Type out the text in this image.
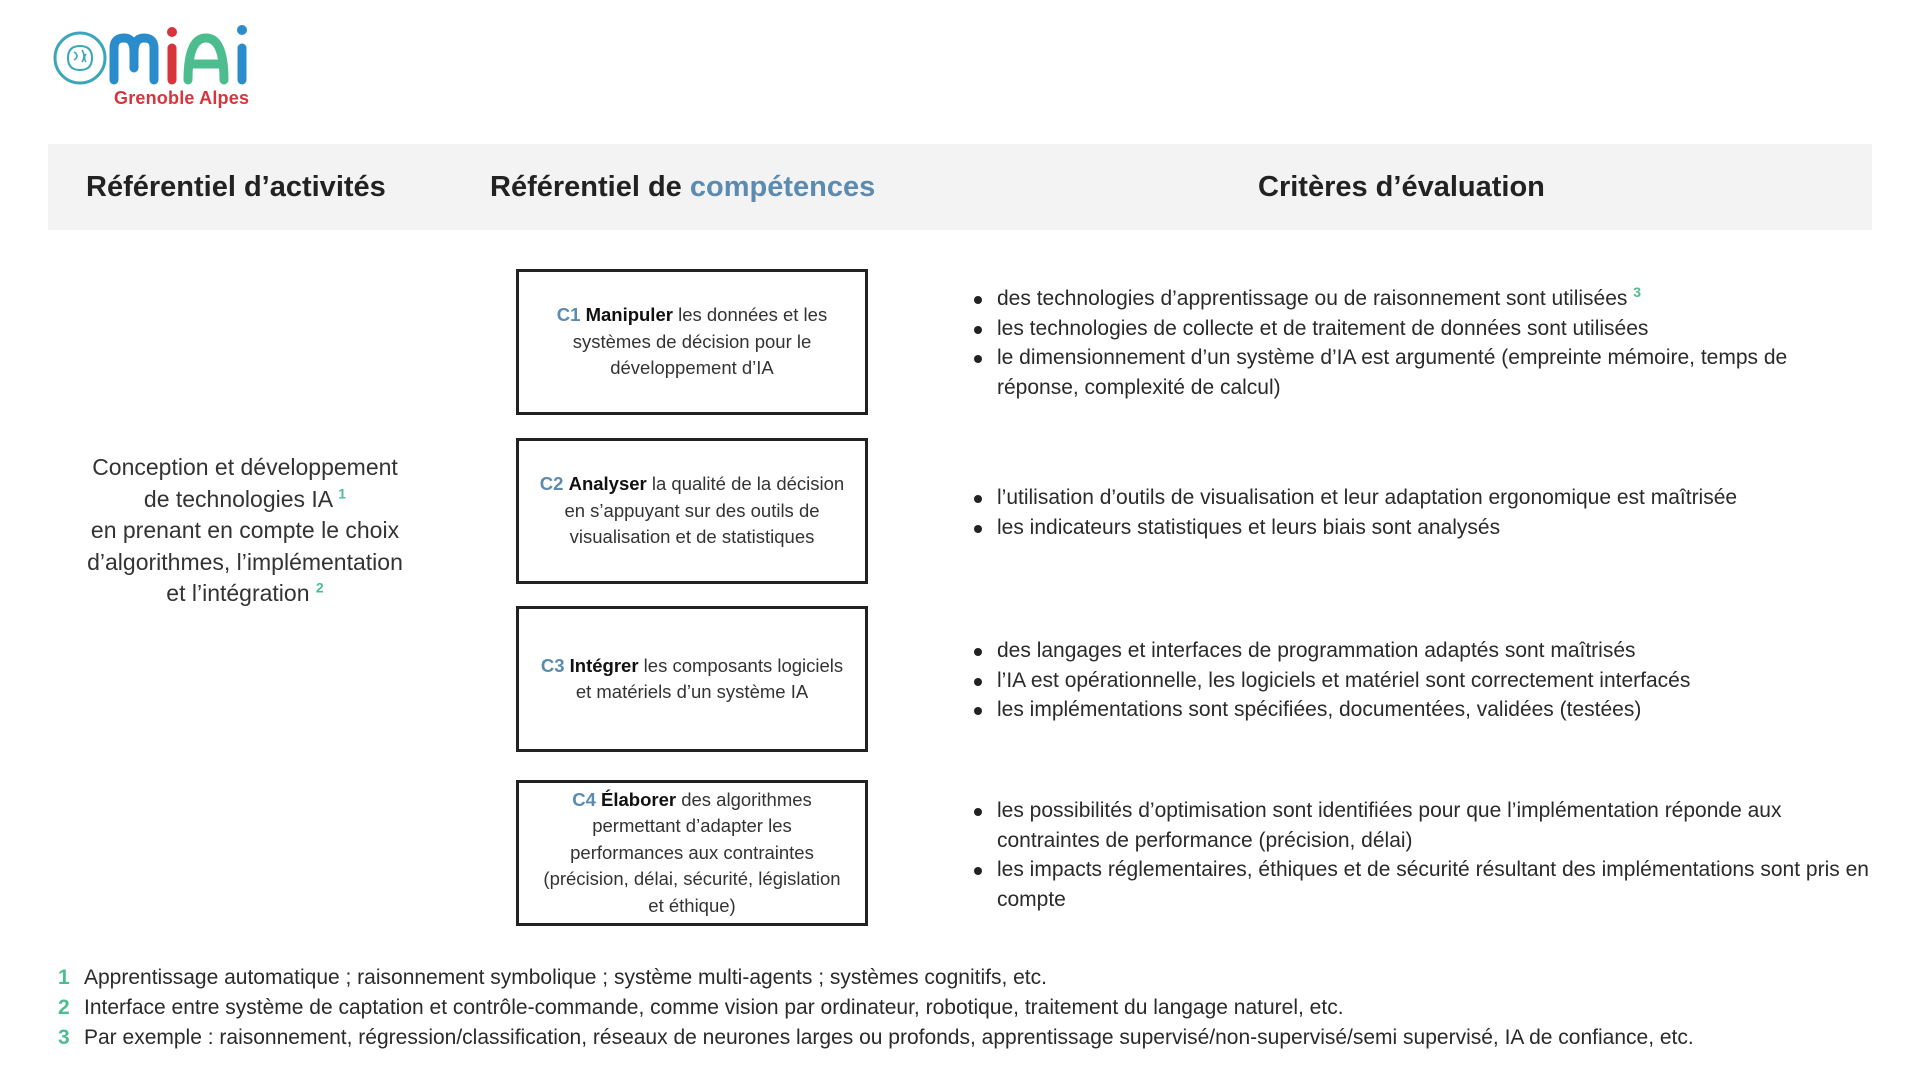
Grenoble Alpes
Référentiel d’activités	Référentiel de compétences	Critères d’évaluation
Conception et développement
de technologies IA $^1$
en prenant en compte le choix
d’algorithmes, l’implémentation
et l’intégration $^2$
C1 Manipuler les données et les systèmes de décision pour le développement d’IA
C2 Analyser la qualité de la décision en s’appuyant sur des outils de visualisation et de statistiques
C3 Intégrer les composants logiciels et matériels d’un système IA
C4 Élaborer des algorithmes permettant d’adapter les performances aux contraintes (précision, délai, sécurité, législation et éthique)
des technologies d’apprentissage ou de raisonnement sont utilisées $^3$
les technologies de collecte et de traitement de données sont utilisées
le dimensionnement d’un système d’IA est argumenté (empreinte mémoire, temps de réponse, complexité de calcul)
l’utilisation d’outils de visualisation et leur adaptation ergonomique est maîtrisée
les indicateurs statistiques et leurs biais sont analysés
des langages et interfaces de programmation adaptés sont maîtrisés
l’IA est opérationnelle, les logiciels et matériel sont correctement interfacés
les implémentations sont spécifiées, documentées, validées (testées)
les possibilités d’optimisation sont identifiées pour que l’implémentation réponde aux contraintes de performance (précision, délai)
les impacts réglementaires, éthiques et de sécurité résultant des implémentations sont pris en compte
1 Apprentissage automatique ; raisonnement symbolique ; système multi-agents ; systèmes cognitifs, etc.
2 Interface entre système de captation et contrôle-commande, comme vision par ordinateur, robotique, traitement du langage naturel, etc.
3 Par exemple : raisonnement, régression/classification, réseaux de neurones larges ou profonds, apprentissage supervisé/non-supervisé/semi supervisé, IA de confiance, etc.
